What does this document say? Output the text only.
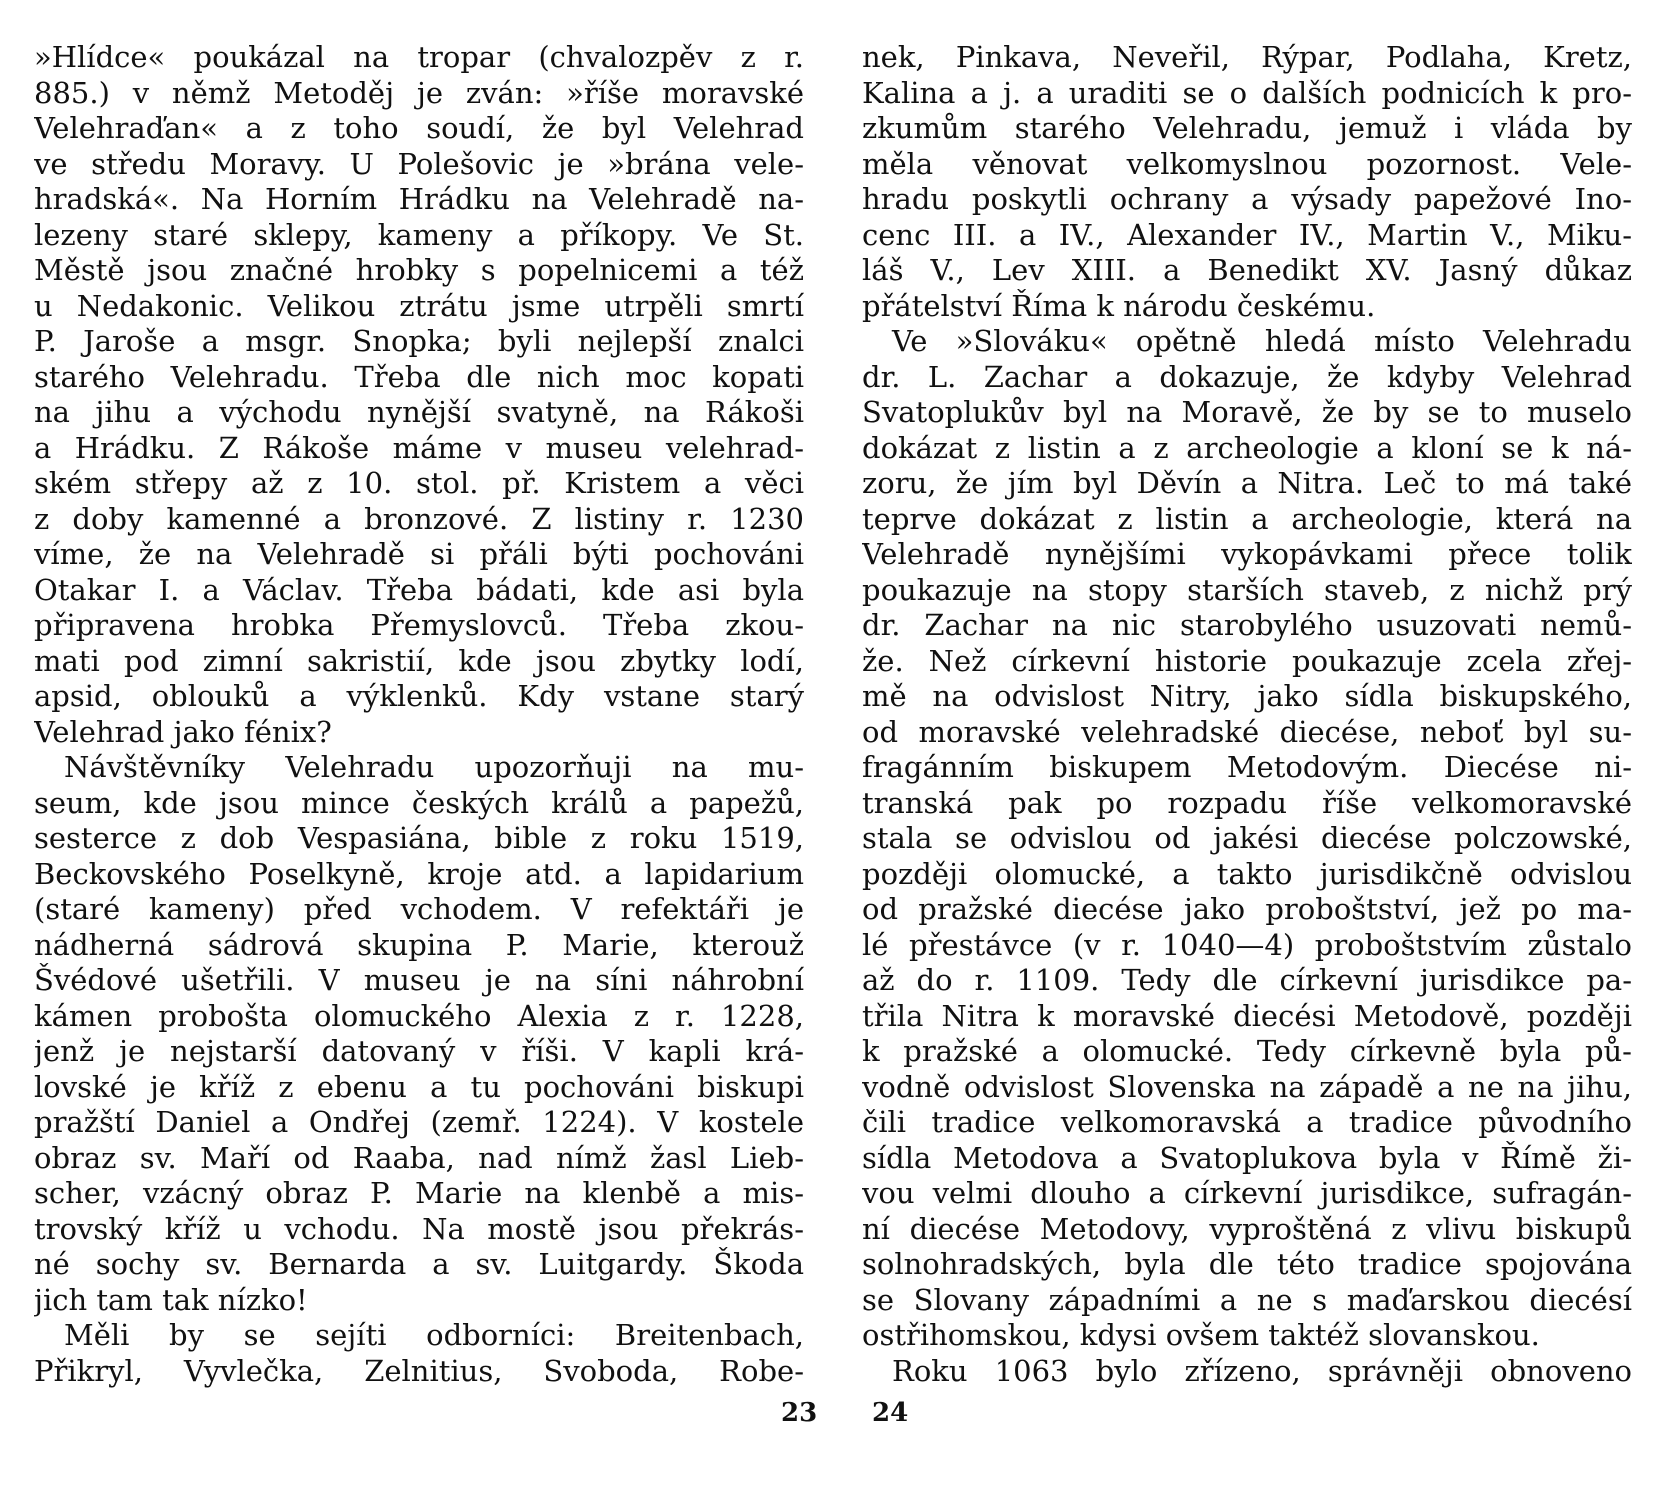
»Hlídce« poukázal na tropar (chvalozpěv z r.
885.) v němž Metoděj je zván: »říše moravské
Velehraďan« a z toho soudí, že byl Velehrad
ve středu Moravy. U Polešovic je »brána vele-
hradská«. Na Horním Hrádku na Velehradě na-
lezeny staré sklepy, kameny a příkopy. Ve St.
Městě jsou značné hrobky s popelnicemi a též
u Nedakonic. Velikou ztrátu jsme utrpěli smrtí
P. Jaroše a msgr. Snopka; byli nejlepší znalci
starého Velehradu. Třeba dle nich moc kopati
na jihu a východu nynější svatyně, na Rákoši
a Hrádku. Z Rákoše máme v museu velehrad-
ském střepy až z 10. stol. př. Kristem a věci
z doby kamenné a bronzové. Z listiny r. 1230
víme, že na Velehradě si přáli býti pochováni
Otakar I. a Václav. Třeba bádati, kde asi byla
připravena hrobka Přemyslovců. Třeba zkou-
mati pod zimní sakristií, kde jsou zbytky lodí,
apsid, oblouků a výklenků. Kdy vstane starý
Velehrad jako fénix?
Návštěvníky Velehradu upozorňuji na mu-
seum, kde jsou mince českých králů a papežů,
sesterce z dob Vespasiána, bible z roku 1519,
Beckovského Poselkyně, kroje atd. a lapidarium
(staré kameny) před vchodem. V refektáři je
nádherná sádrová skupina P. Marie, kterouž
Švédové ušetřili. V museu je na síni náhrobní
kámen probošta olomuckého Alexia z r. 1228,
jenž je nejstarší datovaný v říši. V kapli krá-
lovské je kříž z ebenu a tu pochováni biskupi
pražští Daniel a Ondřej (zemř. 1224). V kostele
obraz sv. Maří od Raaba, nad nímž žasl Lieb-
scher, vzácný obraz P. Marie na klenbě a mis-
trovský kříž u vchodu. Na mostě jsou překrás-
né sochy sv. Bernarda a sv. Luitgardy. Škoda
jich tam tak nízko!
Měli by se sejíti odborníci: Breitenbach,
Přikryl, Vyvlečka, Zelnitius, Svoboda, Robe-
nek, Pinkava, Neveřil, Rýpar, Podlaha, Kretz,
Kalina a j. a uraditi se o dalších podnicích k pro-
zkumům starého Velehradu, jemuž i vláda by
měla věnovat velkomyslnou pozornost. Vele-
hradu poskytli ochrany a výsady papežové Ino-
cenc III. a IV., Alexander IV., Martin V., Miku-
láš V., Lev XIII. a Benedikt XV. Jasný důkaz
přátelství Říma k národu českému.
Ve »Slováku« opětně hledá místo Velehradu
dr. L. Zachar a dokazuje, že kdyby Velehrad
Svatoplukův byl na Moravě, že by se to muselo
dokázat z listin a z archeologie a kloní se k ná-
zoru, že jím byl Děvín a Nitra. Leč to má také
teprve dokázat z listin a archeologie, která na
Velehradě nynějšími vykopávkami přece tolik
poukazuje na stopy starších staveb, z nichž prý
dr. Zachar na nic starobylého usuzovati nemů-
že. Než církevní historie poukazuje zcela zřej-
mě na odvislost Nitry, jako sídla biskupského,
od moravské velehradské diecése, neboť byl su-
fragánním biskupem Metodovým. Diecése ni-
transká pak po rozpadu říše velkomoravské
stala se odvislou od jakési diecése polczowské,
později olomucké, a takto jurisdikčně odvislou
od pražské diecése jako proboštství, jež po ma-
lé přestávce (v r. 1040—4) proboštstvím zůstalo
až do r. 1109. Tedy dle církevní jurisdikce pa-
třila Nitra k moravské diecési Metodově, později
k pražské a olomucké. Tedy církevně byla pů-
vodně odvislost Slovenska na západě a ne na jihu,
čili tradice velkomoravská a tradice původního
sídla Metodova a Svatoplukova byla v Římě ži-
vou velmi dlouho a církevní jurisdikce, sufragán-
ní diecése Metodovy, vyproštěná z vlivu biskupů
solnohradských, byla dle této tradice spojována
se Slovany západními a ne s maďarskou diecésí
ostřihomskou, kdysi ovšem taktéž slovanskou.
Roku 1063 bylo zřízeno, správněji obnoveno
23 24
